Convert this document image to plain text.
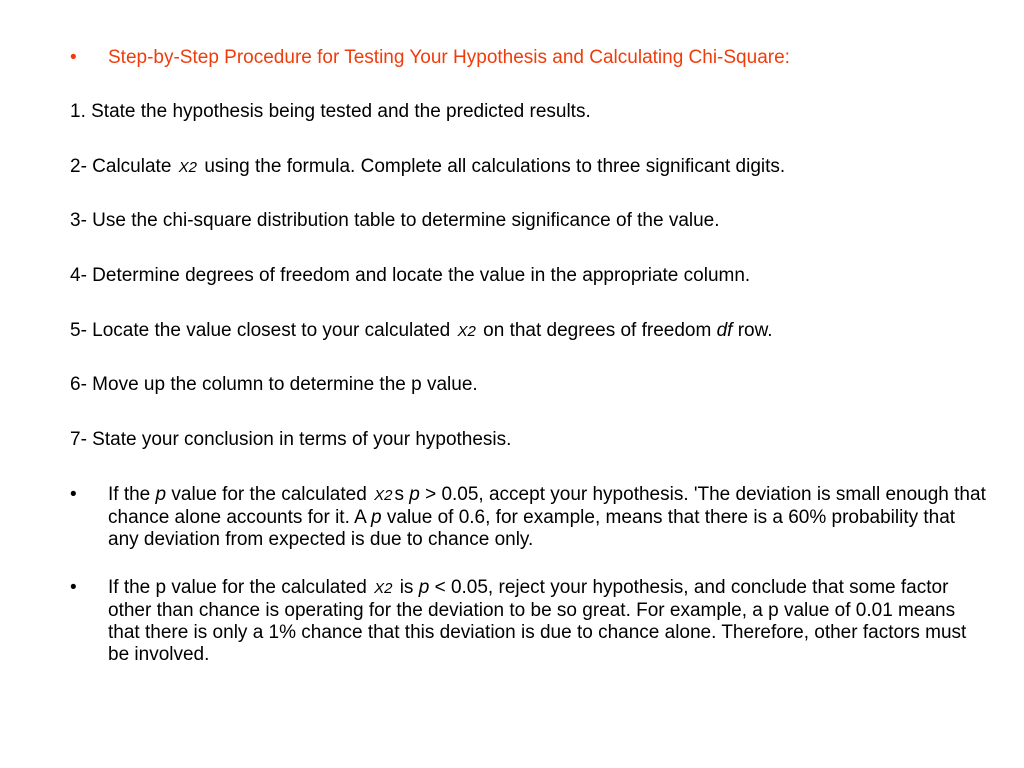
• Step-by-Step Procedure for Testing Your Hypothesis and Calculating Chi-Square:

1. State the hypothesis being tested and the predicted results.

2- Calculate X2 using the formula. Complete all calculations to three significant digits.

3- Use the chi-square distribution table to determine significance of the value.

4- Determine degrees of freedom and locate the value in the appropriate column.

5- Locate the value closest to your calculated X2 on that degrees of freedom df row.

6- Move up the column to determine the p value.

7- State your conclusion in terms of your hypothesis.

• If the p value for the calculated X2 s p > 0.05, accept your hypothesis. 'The deviation is small enough that chance alone accounts for it. A p value of 0.6, for example, means that there is a 60% probability that any deviation from expected is due to chance only.
• If the p value for the calculated X2 is p < 0.05, reject your hypothesis, and conclude that some factor other than chance is operating for the deviation to be so great. For example, a p value of 0.01 means that there is only a 1% chance that this deviation is due to chance alone. Therefore, other factors must be involved.
